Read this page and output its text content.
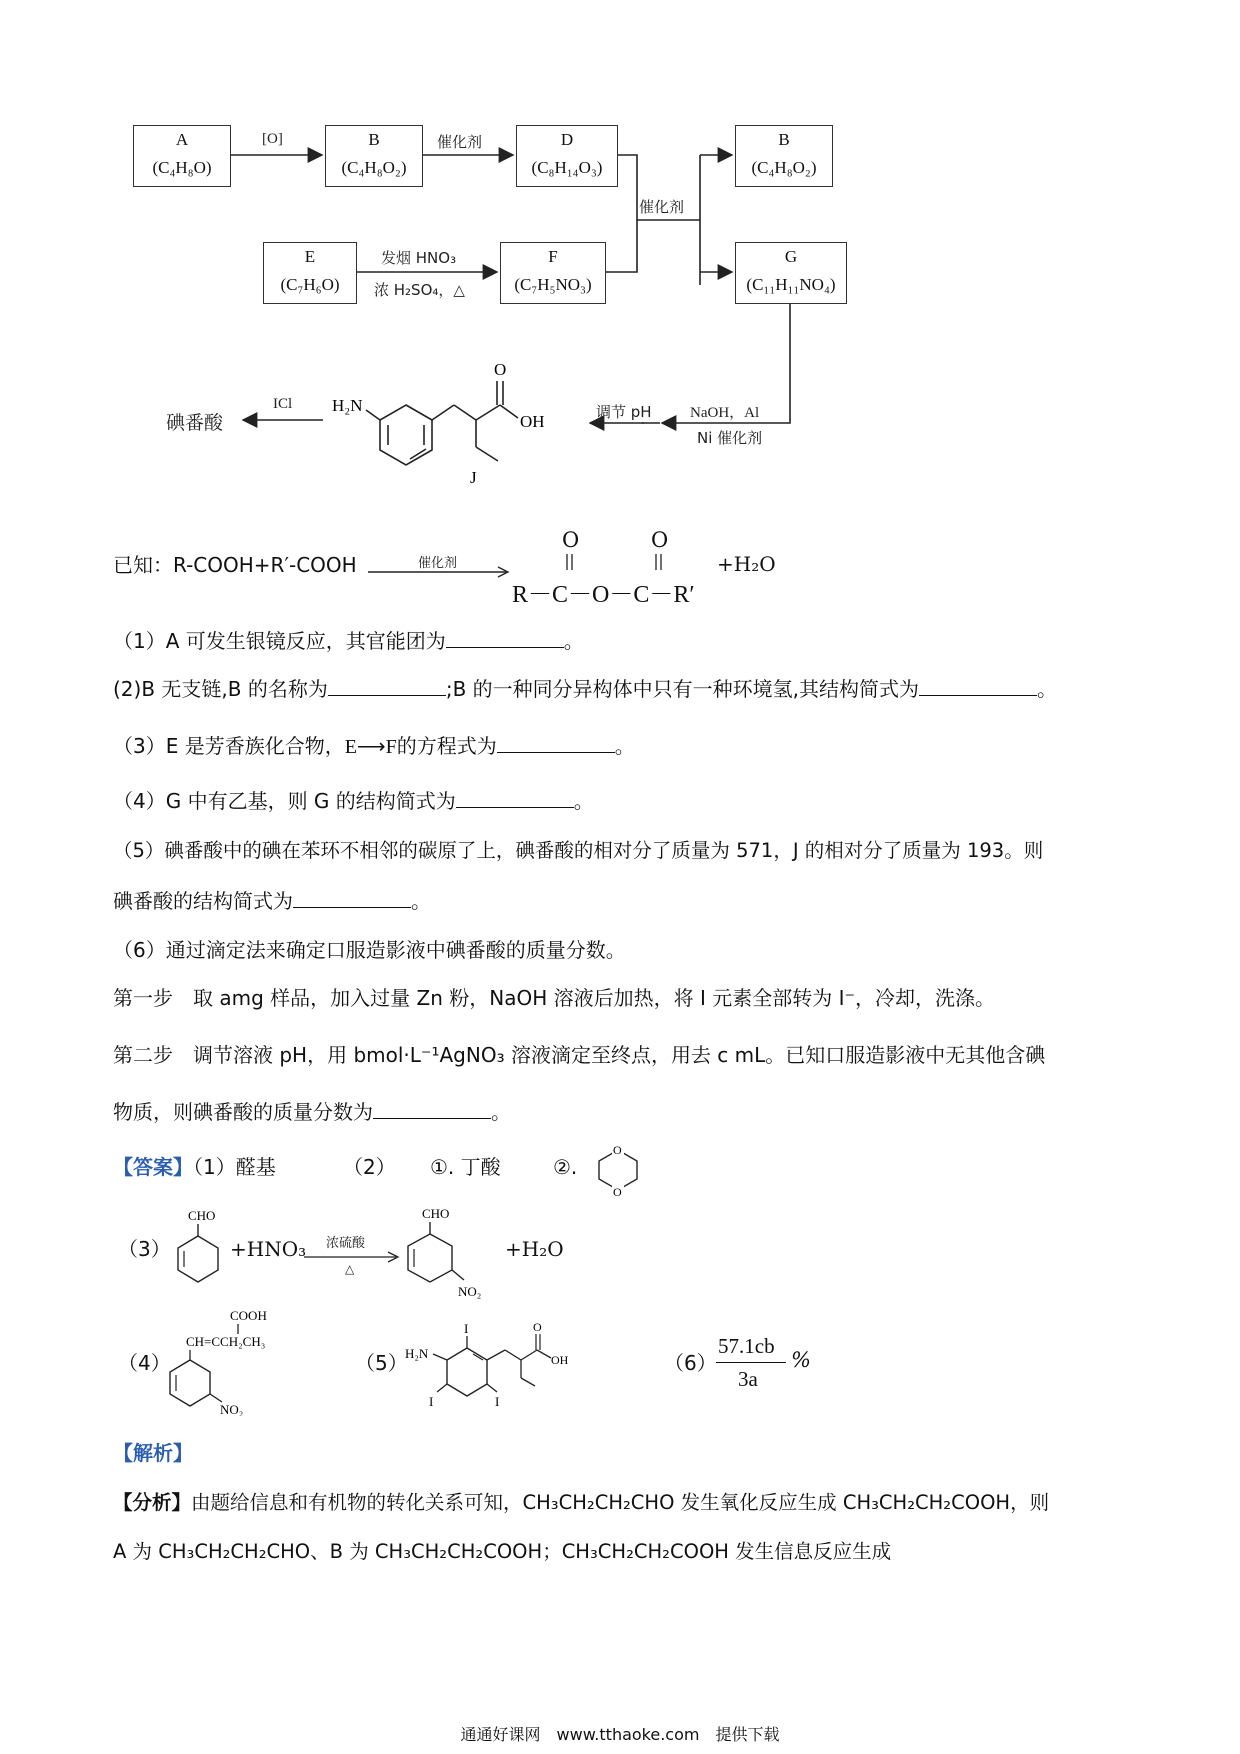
A
(C₄H₈O)
B
(C₄H₈O₂)
D
(C₈H₁₄O₃)
B
(C₄H₈O₂)
E
(C₇H₆O)
F
(C₇H₅NO₃)
G
(C₁₁H₁₁NO₄)
[O]	催化剂
催化剂
发烟 HNO₃
浓 H₂SO₄，△
NaOH，Al
Ni 催化剂
调节 pH
ICl
碘番酸
H₂N
O
OH
J
已知：R-COOH+R′-COOH	催化剂
O	O
R－C－O－C－R′
+H₂O
（1）A 可发生银镜反应，其官能团为	。
(2)B 无支链,B 的名称为	;B 的一种同分异构体中只有一种环境氢,其结构简式为	。
（3）E 是芳香族化合物，E⟶F的方程式为	。
（4）G 中有乙基，则 G 的结构简式为	。
（5）碘番酸中的碘在苯环不相邻的碳原了上，碘番酸的相对分了质量为 571，J 的相对分了质量为 193。则
碘番酸的结构简式为	。
（6）通过滴定法来确定口服造影液中碘番酸的质量分数。
第一步　取 amg 样品，加入过量 Zn 粉，NaOH 溶液后加热，将 I 元素全部转为 I⁻，冷却，洗涤。
第二步　调节溶液 pH，用 bmol·L⁻¹AgNO₃ 溶液滴定至终点，用去 c mL。已知口服造影液中无其他含碘
物质，则碘番酸的质量分数为	。
【答案】（1）醛基	（2） ①. 丁酸	②.
O
O
（3）
CHO
+HNO₃ 浓硫酸
△
CHO
NO₂
+H₂O
（4）
COOH
CH=CCH₂CH₃
NO₂
（5）
H₂N
I
I	I
O
OH	（6）
57.1cb
3a
%
【解析】
【分析】由题给信息和有机物的转化关系可知，CH₃CH₂CH₂CHO 发生氧化反应生成 CH₃CH₂CH₂COOH，则
A 为 CH₃CH₂CH₂CHO、B 为 CH₃CH₂CH₂COOH；CH₃CH₂CH₂COOH 发生信息反应生成
通通好课网　www.tthaoke.com　提供下载
